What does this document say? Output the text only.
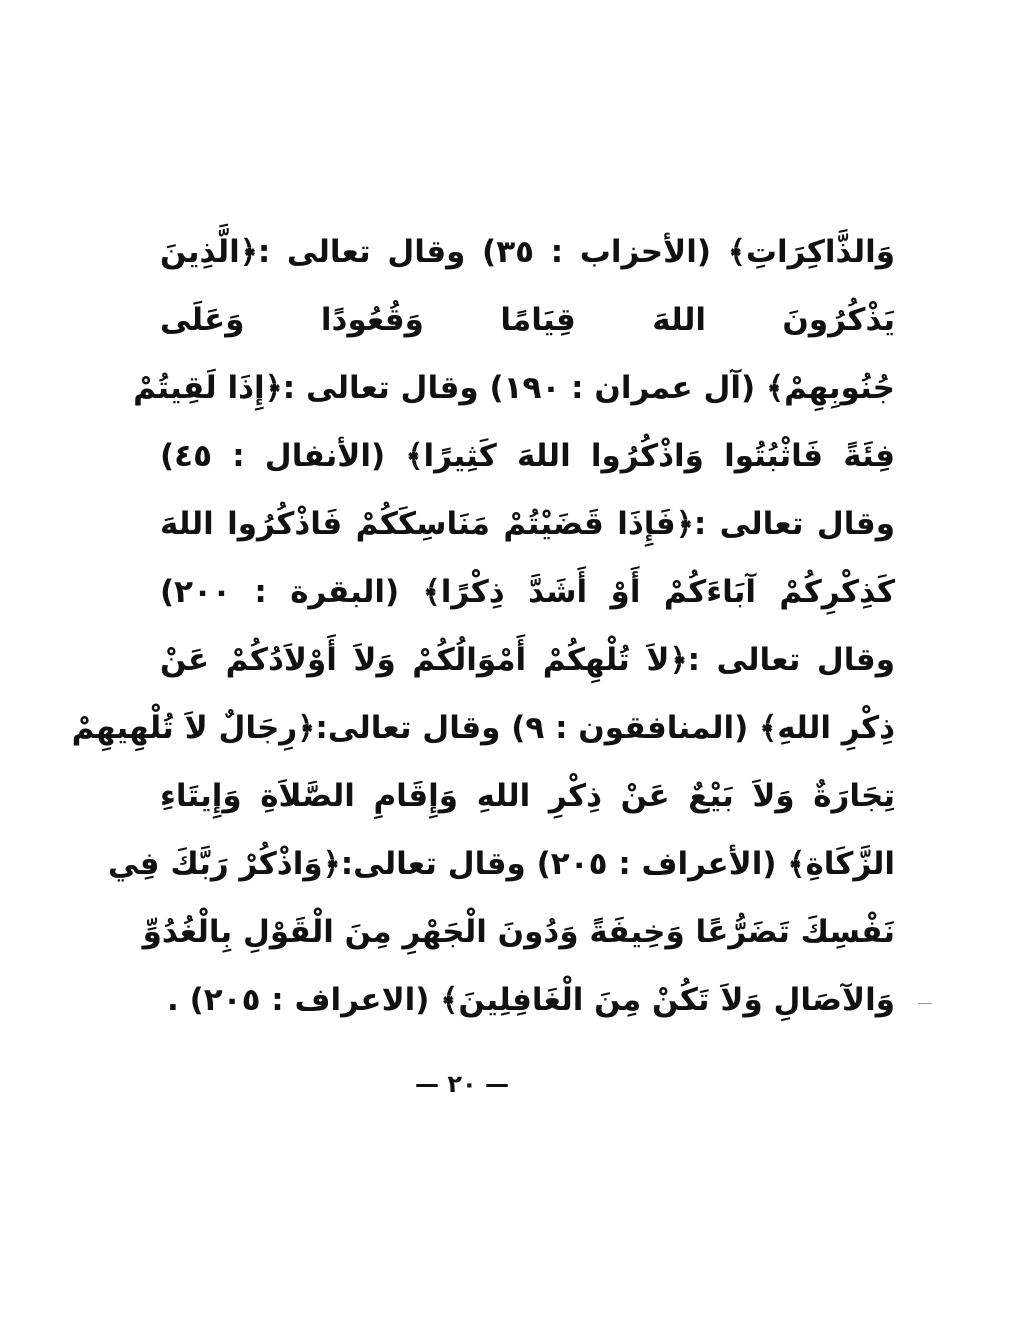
وَالذَّاكِرَاتِ﴾ (الأحزاب : ٣٥) وقال تعالى :﴿الَّذِينَ
يَذْكُرُونَ اللهَ قِيَامًا وَقُعُودًا وَعَلَى
جُنُوبِهِمْ﴾ (آل عمران : ١٩٠) وقال تعالى :﴿إِذَا لَقِيتُمْ
فِئَةً فَاثْبُتُوا وَاذْكُرُوا اللهَ كَثِيرًا﴾ (الأنفال : ٤٥)
وقال تعالى :﴿فَإِذَا قَضَيْتُمْ مَنَاسِكَكُمْ فَاذْكُرُوا اللهَ
كَذِكْرِكُمْ آبَاءَكُمْ أَوْ أَشَدَّ ذِكْرًا﴾ (البقرة : ٢٠٠)
وقال تعالى :﴿لاَ تُلْهِكُمْ أَمْوَالُكُمْ وَلاَ أَوْلاَدُكُمْ عَنْ
ذِكْرِ اللهِ﴾ (المنافقون : ٩) وقال تعالى:﴿رِجَالٌ لاَ تُلْهِيهِمْ
تِجَارَةٌ وَلاَ بَيْعٌ عَنْ ذِكْرِ اللهِ وَإِقَامِ الصَّلاَةِ وَإِيتَاءِ
الزَّكَاةِ﴾ (الأعراف : ٢٠٥) وقال تعالى:﴿وَاذْكُرْ رَبَّكَ فِي
نَفْسِكَ تَضَرُّعًا وَخِيفَةً وَدُونَ الْجَهْرِ مِنَ الْقَوْلِ بِالْغُدُوِّ
وَالآصَالِ وَلاَ تَكُنْ مِنَ الْغَافِلِينَ﴾ (الاعراف : ٢٠٥) .
— ٢٠ —
